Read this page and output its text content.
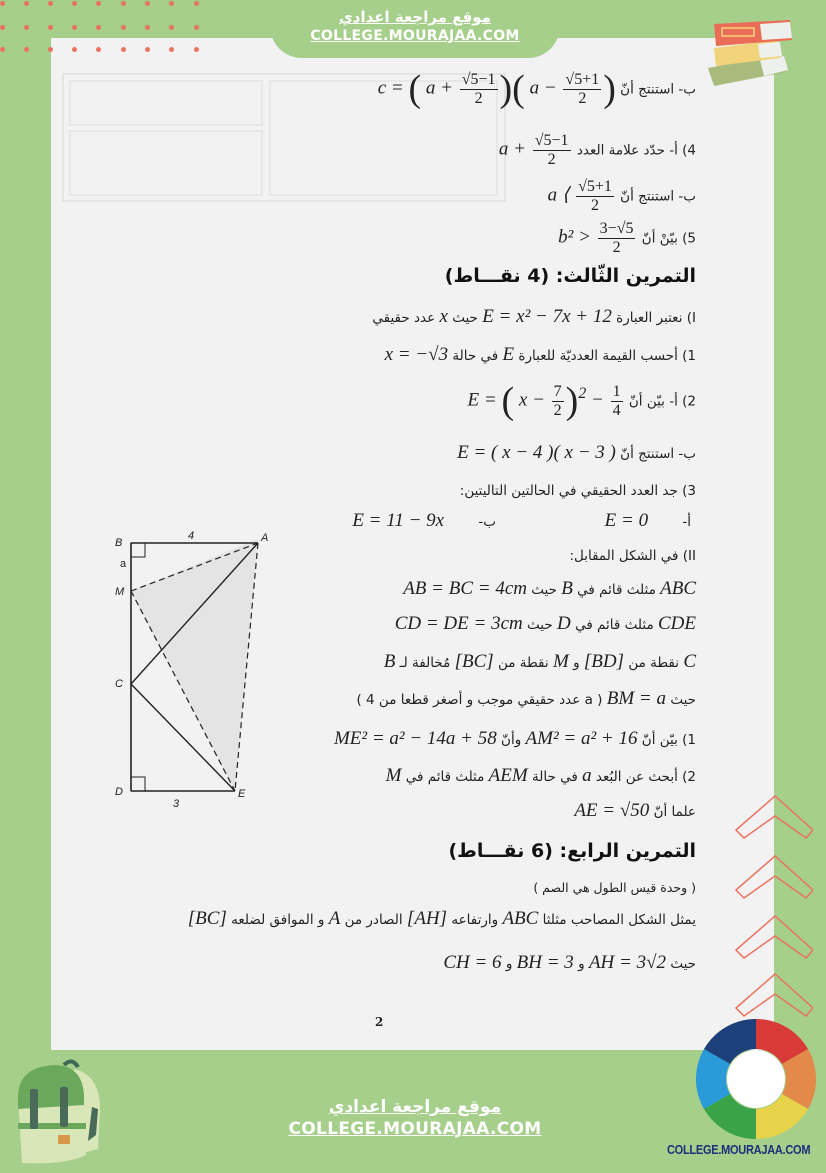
موقع مراجعة اعدادي
COLLEGE.MOURAJAA.COM
ب- استنتج أنّ c = ( $a + \frac{√5-1}{2}$ )( $a - \frac{√5+1}{2}$ )
4) أ- حدّد علامة العدد $a + \frac{√5-1}{2}$
ب- استنتج أنّ a ⟨ $\frac{√5+1}{2}$
5) بيّنْ أنّ $b^2 > \frac{3-√5}{2}$
التمرين الثّالث: (4 نقـــاط)
I) نعتبر العبارة E = x² − 7x + 12 حيث x عدد حقيقي
1) أحسب القيمة العدديّة للعبارة E في حالة x = −√3
2) أ- بيّن أنّ E = ( $x - \frac{7}{2} )^2 - \frac{1}{4}$
ب- استنتج أنّ E = ( x − 4 )( x − 3 )
3) جد العدد الحقيقي في الحالتين التاليتين:
أ- E = 0
ب- E = 11 − 9x
II) في الشكل المقابل:
ABC مثلث قائم في B حيث AB = BC = 4cm
CDE مثلث قائم في D حيث CD = DE = 3cm
C نقطة من [BD] و M نقطة من [BC] مُخالفة لـ B
حيث BM = a ( a عدد حقيقي موجب و أصغر قطعا من 4 )
1) بيّن أنّ AM² = a² + 16 وأنّ ME² = a² − 14a + 58
2) أبحث عن البُعد a في حالة AEM مثلث قائم في M
علما أنّ AE = √50
التمرين الرابع: (6 نقـــاط)
( وحدة قيس الطول هي الصم )
يمثل الشكل المصاحب مثلثا ABC وارتفاعه [AH] الصادر من A و الموافق لضلعه [BC]
حيث AH = 3√2 و BH = 3 و CH = 6
2
B	A
M
C
D	E
4
a
3
COLLEGE.MOURAJAA.COM
موقع مراجعة اعدادي
COLLEGE.MOURAJAA.COM
